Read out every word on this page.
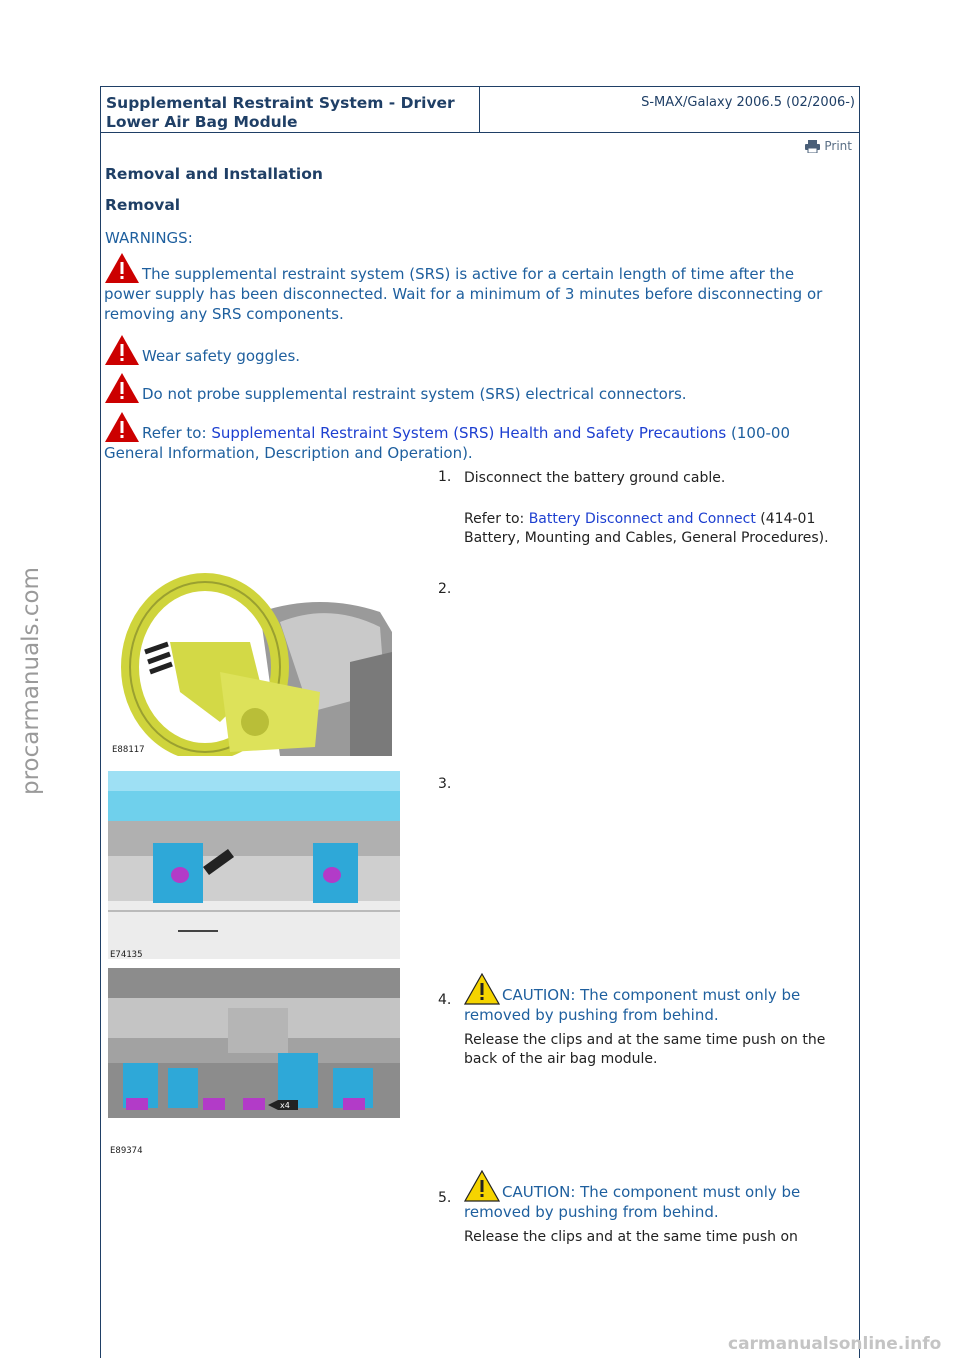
Supplemental Restraint System - Driver Lower Air Bag Module
S-MAX/Galaxy 2006.5 (02/2006-)
Print
Removal and Installation
Removal
WARNINGS:
The supplemental restraint system (SRS) is active for a certain length of time after the power supply has been disconnected. Wait for a minimum of 3 minutes before disconnecting or removing any SRS components.
Wear safety goggles.
Do not probe supplemental restraint system (SRS) electrical connectors.
Refer to: Supplemental Restraint System (SRS) Health and Safety Precautions (100-00 General Information, Description and Operation).
1. Disconnect the battery ground cable.
Refer to: Battery Disconnect and Connect (414-01 Battery, Mounting and Cables, General Procedures).
E88117
2.
E74135
3.
x4
E89374
4.	CAUTION: The component must only be removed by pushing from behind.
Release the clips and at the same time push on the back of the air bag module.
5.	CAUTION: The component must only be removed by pushing from behind.
Release the clips and at the same time push on
procarmanuals.com
carmanualsonline.info
